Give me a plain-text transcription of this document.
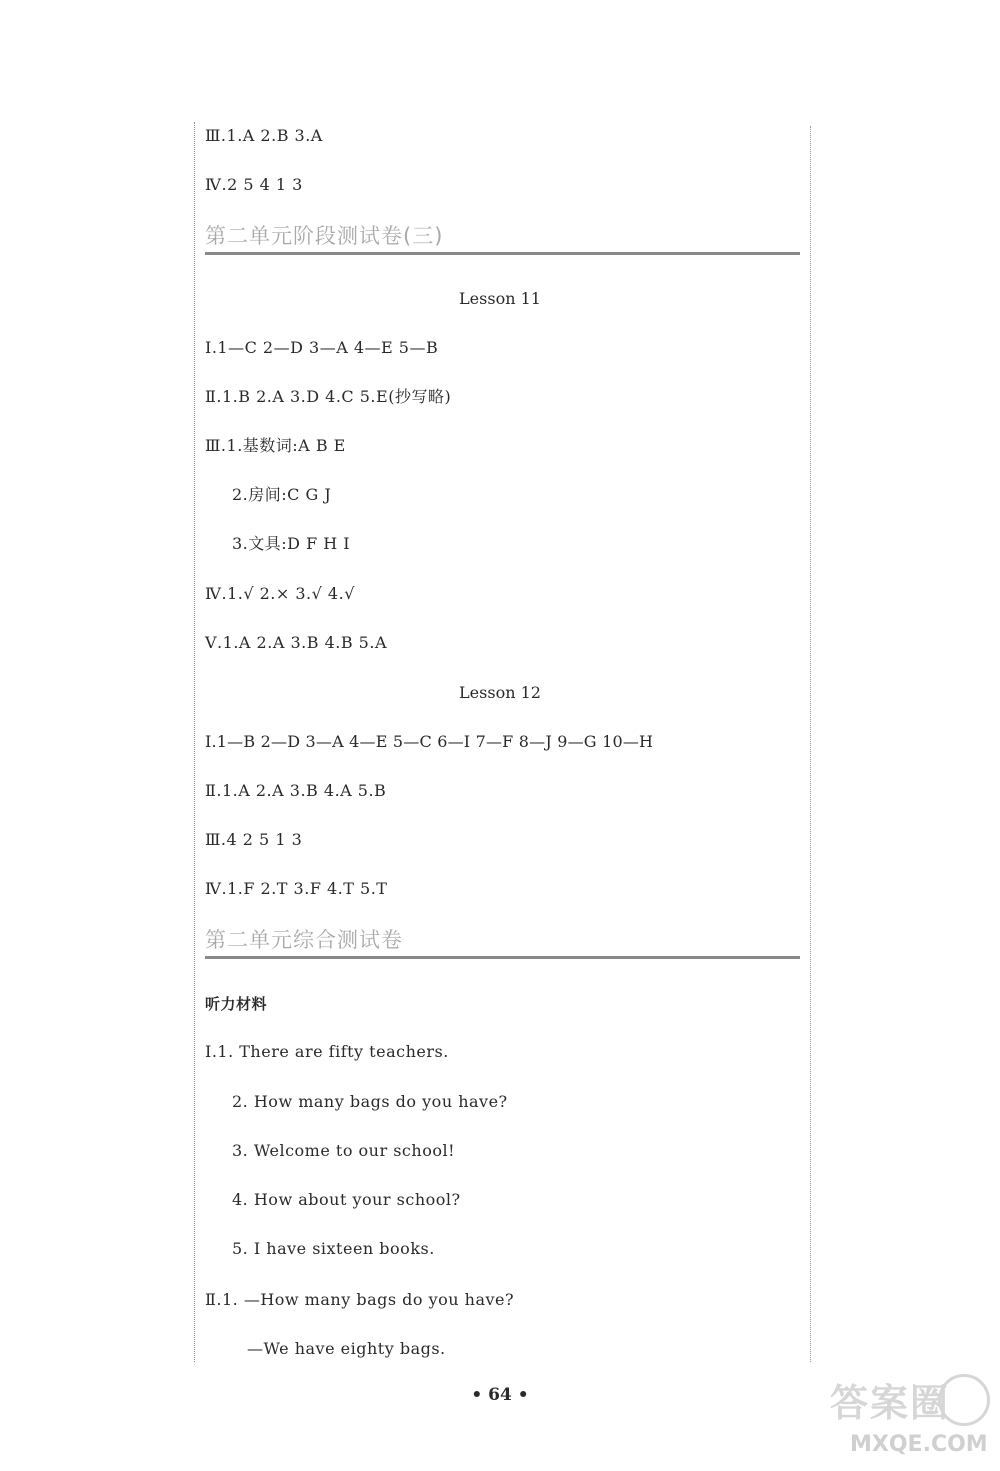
Ⅲ.1.A 2.B 3.A
Ⅳ.2 5 4 1 3
第二单元阶段测试卷(三)
Lesson 11
Ⅰ.1—C 2—D 3—A 4—E 5—B
Ⅱ.1.B 2.A 3.D 4.C 5.E(抄写略)
Ⅲ.1.基数词:A B E
2.房间:C G J
3.文具:D F H I
Ⅳ.1.√ 2.× 3.√ 4.√
Ⅴ.1.A 2.A 3.B 4.B 5.A
Lesson 12
Ⅰ.1—B 2—D 3—A 4—E 5—C 6—I 7—F 8—J 9—G 10—H
Ⅱ.1.A 2.A 3.B 4.A 5.B
Ⅲ.4 2 5 1 3
Ⅳ.1.F 2.T 3.F 4.T 5.T
第二单元综合测试卷
听力材料
Ⅰ.1. There are fifty teachers.
2. How many bags do you have?
3. Welcome to our school!
4. How about your school?
5. I have sixteen books.
Ⅱ.1. —How many bags do you have?
—We have eighty bags.
• 64 •	答案圈
MXQE.COM
